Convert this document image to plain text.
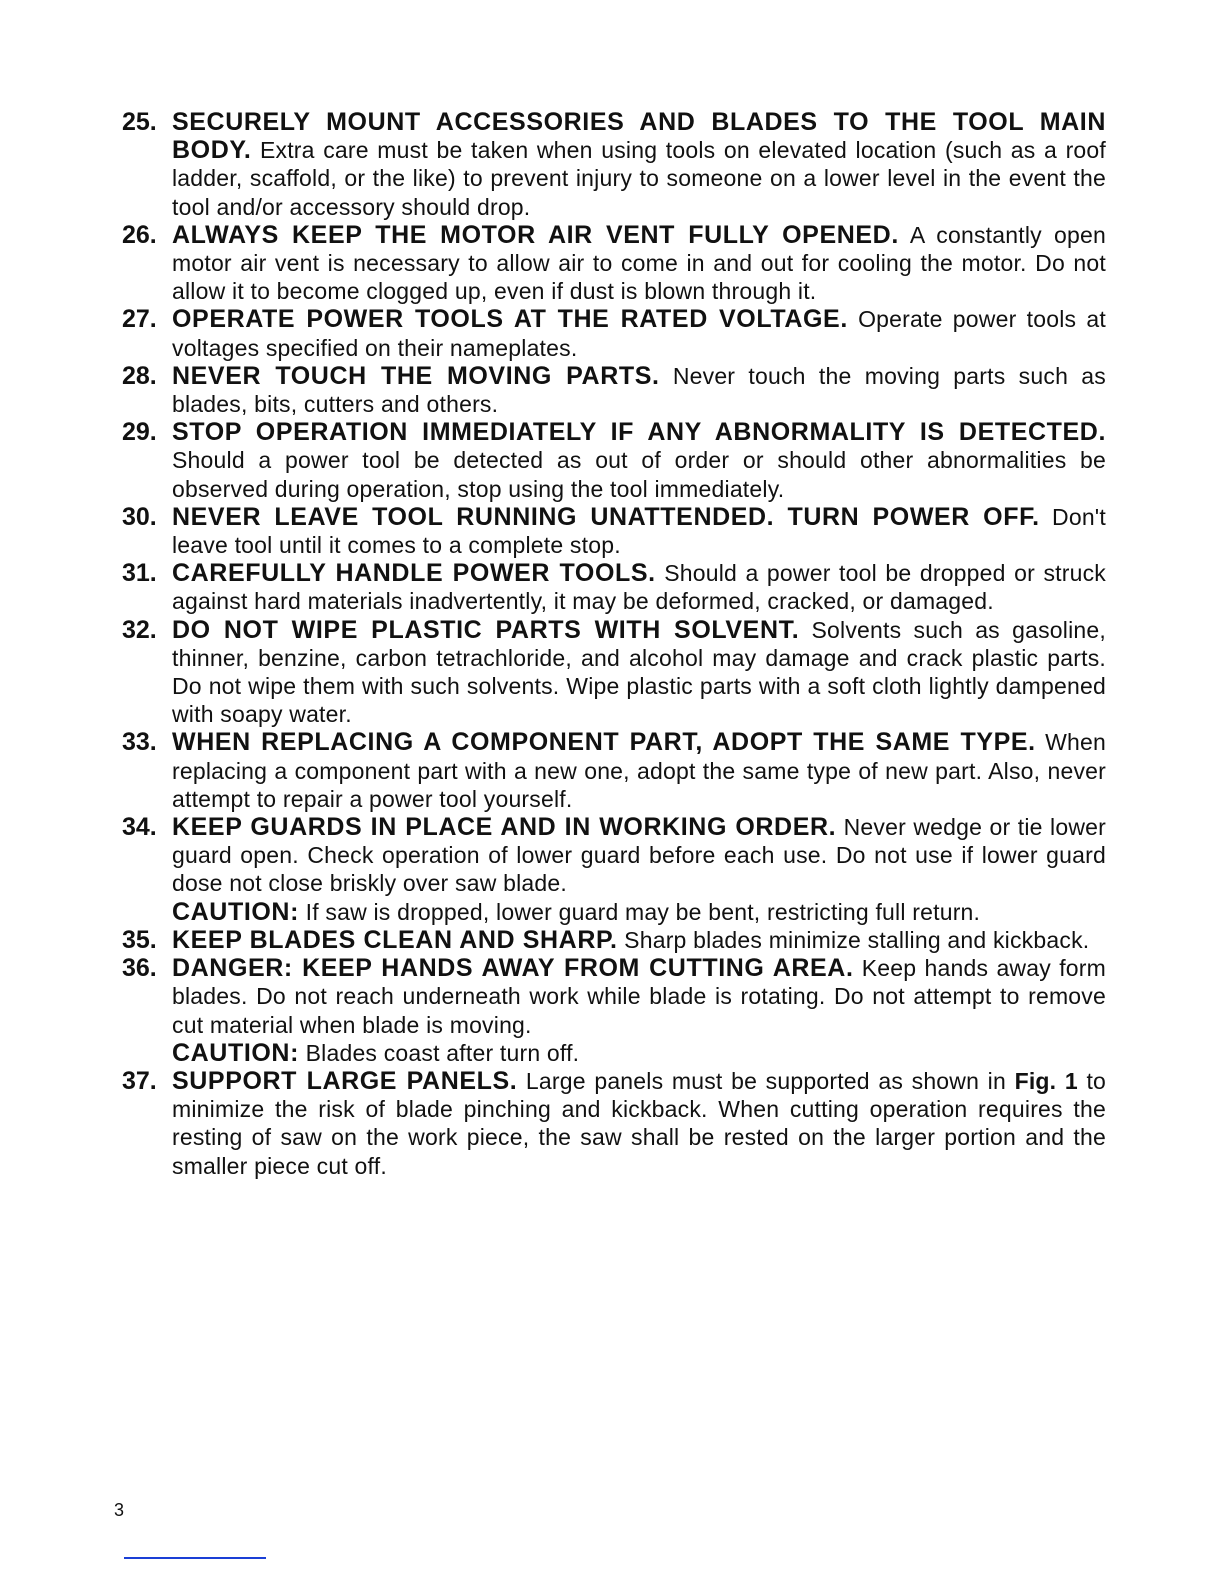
25. SECURELY MOUNT ACCESSORIES AND BLADES TO THE TOOL MAIN BODY. Extra care must be taken when using tools on elevated location (such as a roof ladder, scaffold, or the like) to prevent injury to someone on a lower level in the event the tool and/or accessory should drop.
26. ALWAYS KEEP THE MOTOR AIR VENT FULLY OPENED. A constantly open motor air vent is necessary to allow air to come in and out for cooling the motor. Do not allow it to become clogged up, even if dust is blown through it.
27. OPERATE POWER TOOLS AT THE RATED VOLTAGE. Operate power tools at voltages specified on their nameplates.
28. NEVER TOUCH THE MOVING PARTS. Never touch the moving parts such as blades, bits, cutters and others.
29. STOP OPERATION IMMEDIATELY IF ANY ABNORMALITY IS DETECTED. Should a power tool be detected as out of order or should other abnormalities be observed during operation, stop using the tool immediately.
30. NEVER LEAVE TOOL RUNNING UNATTENDED. TURN POWER OFF. Don't leave tool until it comes to a complete stop.
31. CAREFULLY HANDLE POWER TOOLS. Should a power tool be dropped or struck against hard materials inadvertently, it may be deformed, cracked, or damaged.
32. DO NOT WIPE PLASTIC PARTS WITH SOLVENT. Solvents such as gasoline, thinner, benzine, carbon tetrachloride, and alcohol may damage and crack plastic parts. Do not wipe them with such solvents. Wipe plastic parts with a soft cloth lightly dampened with soapy water.
33. WHEN REPLACING A COMPONENT PART, ADOPT THE SAME TYPE. When replacing a component part with a new one, adopt the same type of new part. Also, never attempt to repair a power tool yourself.
34. KEEP GUARDS IN PLACE AND IN WORKING ORDER. Never wedge or tie lower guard open. Check operation of lower guard before each use. Do not use if lower guard dose not close briskly over saw blade.
CAUTION: If saw is dropped, lower guard may be bent, restricting full return.
35. KEEP BLADES CLEAN AND SHARP. Sharp blades minimize stalling and kickback.
36. DANGER: KEEP HANDS AWAY FROM CUTTING AREA. Keep hands away form blades. Do not reach underneath work while blade is rotating. Do not attempt to remove cut material when blade is moving.
CAUTION: Blades coast after turn off.
37. SUPPORT LARGE PANELS. Large panels must be supported as shown in Fig. 1 to minimize the risk of blade pinching and kickback. When cutting operation requires the resting of saw on the work piece, the saw shall be rested on the larger portion and the smaller piece cut off.
3
